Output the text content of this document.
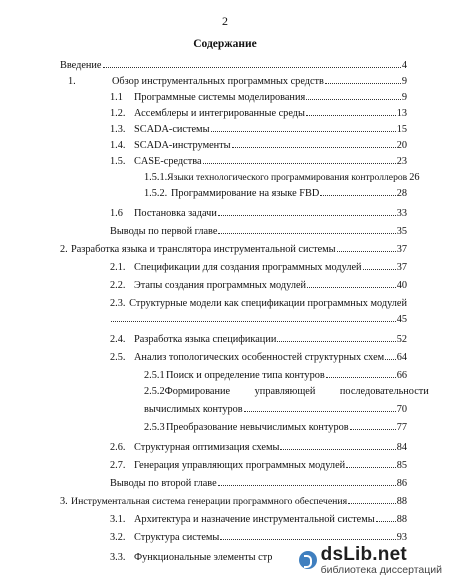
2
Содержание
Введение	4
1.	Обзор инструментальных программных средств	9
1.1	Программные системы моделирования	9
1.2. Ассемблеры и интегрированные среды	13
1.3. SCADA-системы	15
1.4. SCADA-инструменты	20
1.5. CASE-средства	23
1.5.1. Языки технологического программирования контроллеров 26
1.5.2. Программирование на языке FBD	28
1.6	Постановка задачи	33
Выводы по первой главе	35
2. Разработка языка и транслятора инструментальной системы	37
2.1. Спецификации для создания программных модулей	37
2.2. Этапы создания программных модулей	40
2.3. Структурные модели как спецификации программных модулей
45
2.4. Разработка языка спецификации	52
2.5. Анализ топологических особенностей структурных схем 64
2.5.1 Поиск и определение типа контуров	66
2.5.2 Формирование управляющей последовательности
вычислимых контуров	70
2.5.3 Преобразование невычислимых контуров	77
2.6. Структурная оптимизация схемы	84
2.7. Генерация управляющих программных модулей	85
Выводы по второй главе	86
3. Инструментальная система генерации программного обеспечения	88
3.1. Архитектура и назначение инструментальной системы 88
3.2. Структура системы	93
3.3. Функциональные элементы стр	dsLib.net
библиотека диссертаций
